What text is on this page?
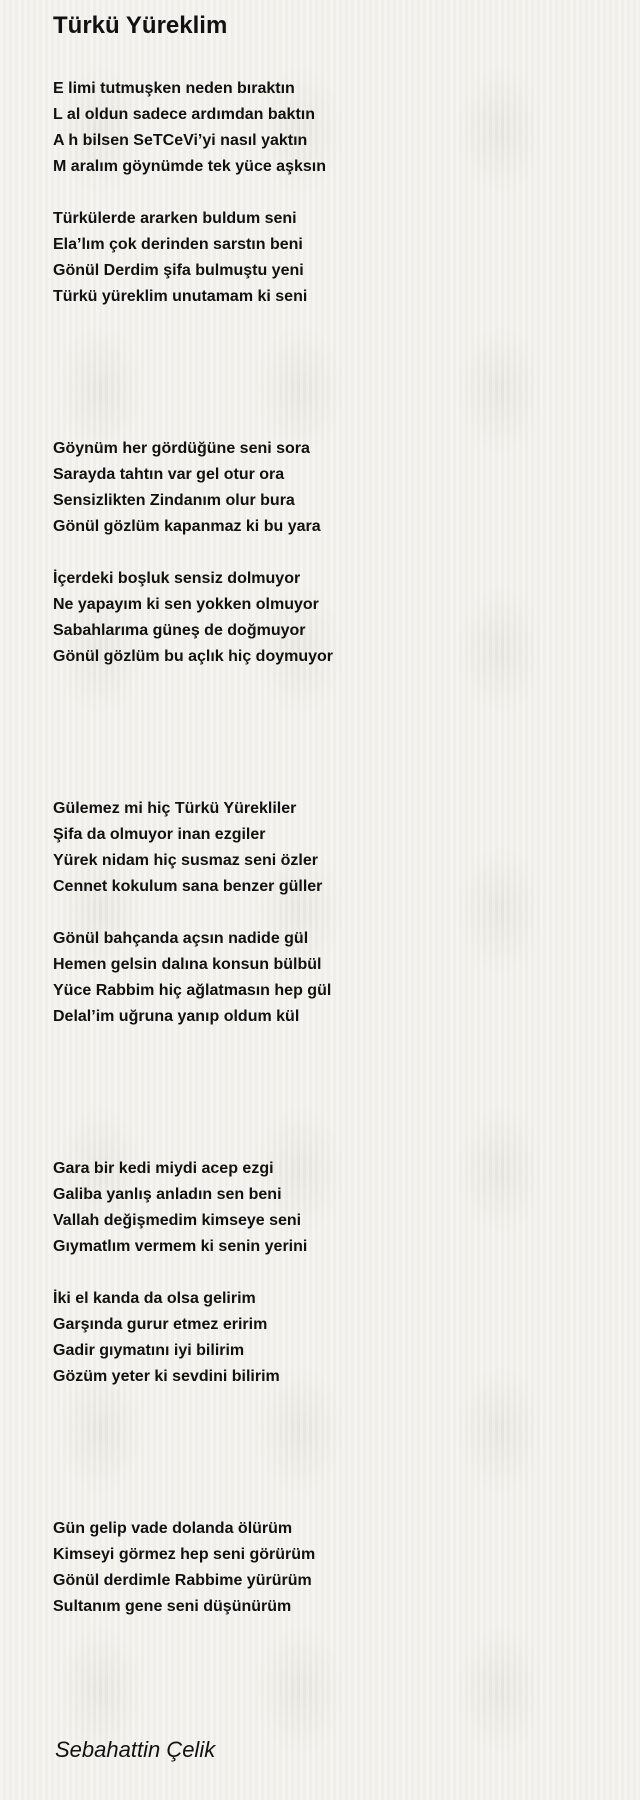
Türkü Yüreklim
E limi tutmuşken neden bıraktın
L al oldun sadece ardımdan baktın
A h bilsen SeTCeVi’yi nasıl yaktın
M aralım göynümde tek yüce aşksın
Türkülerde ararken buldum seni
Ela’lım çok derinden sarstın beni
Gönül Derdim şifa bulmuştu yeni
Türkü yüreklim unutamam ki seni
Göynüm her gördüğüne seni sora
Sarayda tahtın var gel otur ora
Sensizlikten Zindanım olur bura
Gönül gözlüm kapanmaz ki bu yara
İçerdeki boşluk sensiz dolmuyor
Ne yapayım ki sen yokken olmuyor
Sabahlarıma güneş de doğmuyor
Gönül gözlüm bu açlık hiç doymuyor
Gülemez mi hiç Türkü Yürekliler
Şifa da olmuyor inan ezgiler
Yürek nidam hiç susmaz seni özler
Cennet kokulum sana benzer güller
Gönül bahçanda açsın nadide gül
Hemen gelsin dalına konsun bülbül
Yüce Rabbim hiç ağlatmasın hep gül
Delal’im uğruna yanıp oldum kül
Gara bir kedi miydi acep ezgi
Galiba yanlış anladın sen beni
Vallah değişmedim kimseye seni
Gıymatlım vermem ki senin yerini
İki el kanda da olsa gelirim
Garşında gurur etmez eririm
Gadir gıymatını iyi bilirim
Gözüm yeter ki sevdini bilirim
Gün gelip vade dolanda ölürüm
Kimseyi görmez hep seni görürüm
Gönül derdimle Rabbime yürürüm
Sultanım gene seni düşünürüm

Sebahattin Çelik
